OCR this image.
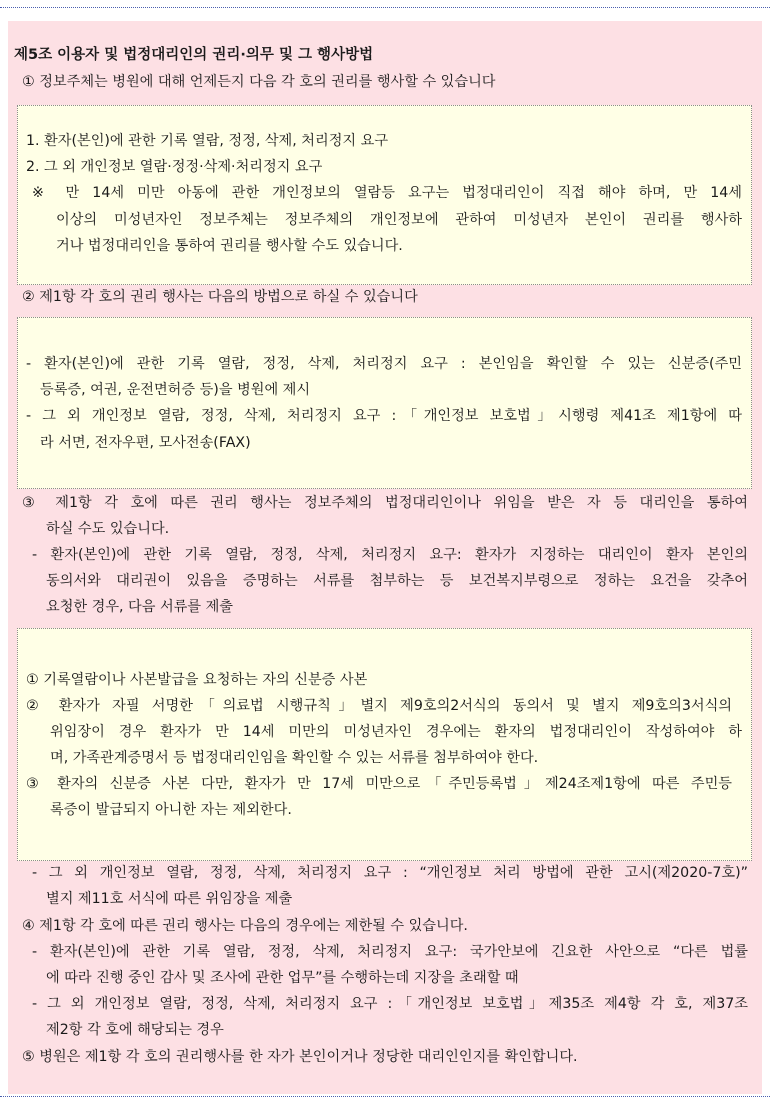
제5조 이용자 및 법정대리인의 권리·의무 및 그 행사방법
① 정보주체는 병원에 대해 언제든지 다음 각 호의 권리를 행사할 수 있습니다
1. 환자(본인)에 관한 기록 열람, 정정, 삭제, 처리정지 요구
2. 그 외 개인정보 열람·정정·삭제·처리정지 요구
※ 만 14세 미만 아동에 관한 개인정보의 열람등 요구는 법정대리인이 직접 해야 하며, 만 14세
이상의 미성년자인 정보주체는 정보주체의 개인정보에 관하여 미성년자 본인이 권리를 행사하
거나 법정대리인을 통하여 권리를 행사할 수도 있습니다.
② 제1항 각 호의 권리 행사는 다음의 방법으로 하실 수 있습니다
- 환자(본인)에 관한 기록 열람, 정정, 삭제, 처리정지 요구 : 본인임을 확인할 수 있는 신분증(주민
등록증, 여권, 운전면허증 등)을 병원에 제시
- 그 외 개인정보 열람, 정정, 삭제, 처리정지 요구 :「개인정보 보호법」시행령 제41조 제1항에 따
라 서면, 전자우편, 모사전송(FAX)
③ 제1항 각 호에 따른 권리 행사는 정보주체의 법정대리인이나 위임을 받은 자 등 대리인을 통하여
하실 수도 있습니다.
- 환자(본인)에 관한 기록 열람, 정정, 삭제, 처리정지 요구: 환자가 지정하는 대리인이 환자 본인의
동의서와 대리권이 있음을 증명하는 서류를 첨부하는 등 보건복지부령으로 정하는 요건을 갖추어
요청한 경우, 다음 서류를 제출
① 기록열람이나 사본발급을 요청하는 자의 신분증 사본
② 환자가 자필 서명한「의료법 시행규칙」별지 제9호의2서식의 동의서 및 별지 제9호의3서식의
위임장이 경우 환자가 만 14세 미만의 미성년자인 경우에는 환자의 법정대리인이 작성하여야 하
며, 가족관계증명서 등 법정대리인임을 확인할 수 있는 서류를 첨부하여야 한다.
③ 환자의 신분증 사본 다만, 환자가 만 17세 미만으로「주민등록법」제24조제1항에 따른 주민등
록증이 발급되지 아니한 자는 제외한다.
- 그 외 개인정보 열람, 정정, 삭제, 처리정지 요구 : “개인정보 처리 방법에 관한 고시(제2020-7호)”
별지 제11호 서식에 따른 위임장을 제출
④ 제1항 각 호에 따른 권리 행사는 다음의 경우에는 제한될 수 있습니다.
- 환자(본인)에 관한 기록 열람, 정정, 삭제, 처리정지 요구: 국가안보에 긴요한 사안으로 “다른 법률
에 따라 진행 중인 감사 및 조사에 관한 업무”를 수행하는데 지장을 초래할 때
- 그 외 개인정보 열람, 정정, 삭제, 처리정지 요구 :「개인정보 보호법」제35조 제4항 각 호, 제37조
제2항 각 호에 해당되는 경우
⑤ 병원은 제1항 각 호의 권리행사를 한 자가 본인이거나 정당한 대리인인지를 확인합니다.
